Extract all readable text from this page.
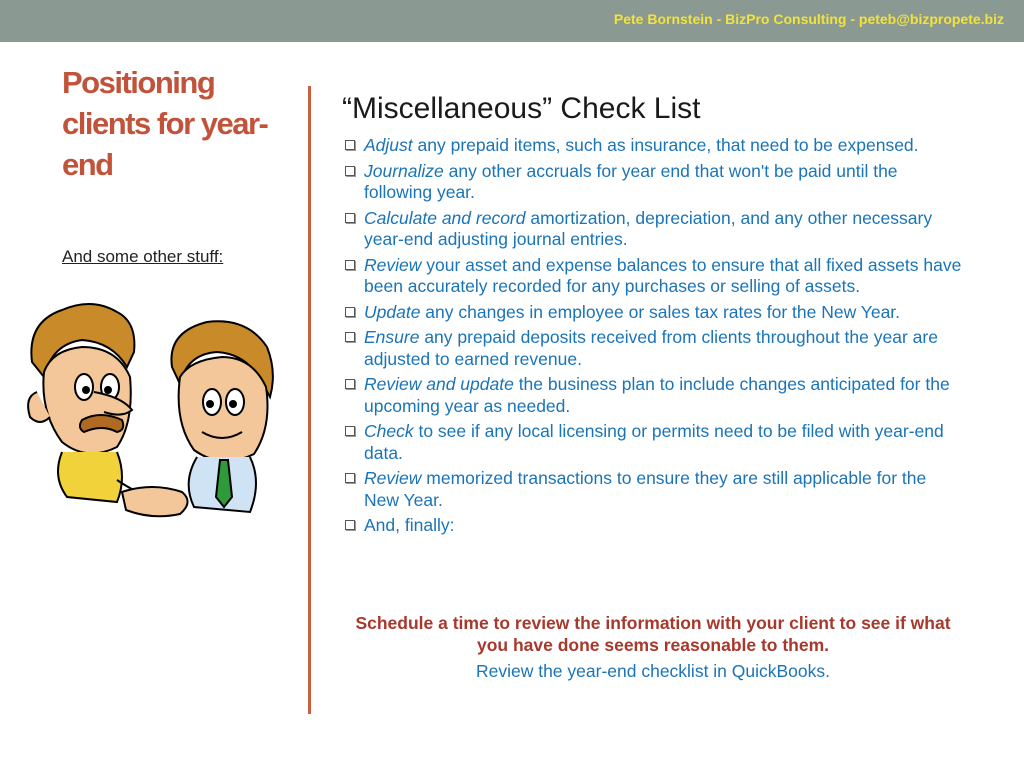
Pete Bornstein - BizPro Consulting - peteb@bizpropete.biz
Positioning clients for year-end
And some other stuff:
“Miscellaneous” Check List
Adjust any prepaid items, such as insurance, that need to be expensed.
Journalize any other accruals for year end that won't be paid until the following year.
Calculate and record amortization, depreciation, and any other necessary year-end adjusting journal entries.
Review your asset and expense balances to ensure that all fixed assets have been accurately recorded for any purchases or selling of assets.
Update any changes in employee or sales tax rates for the New Year.
Ensure any prepaid deposits received from clients throughout the year are adjusted to earned revenue.
Review and update the business plan to include changes anticipated for the upcoming year as needed.
Check to see if any local licensing or permits need to be filed with year-end data.
Review memorized transactions to ensure they are still applicable for the New Year.
And, finally:
Schedule a time to review the information with your client to see if what you have done seems reasonable to them.
Review the year-end checklist in QuickBooks.
